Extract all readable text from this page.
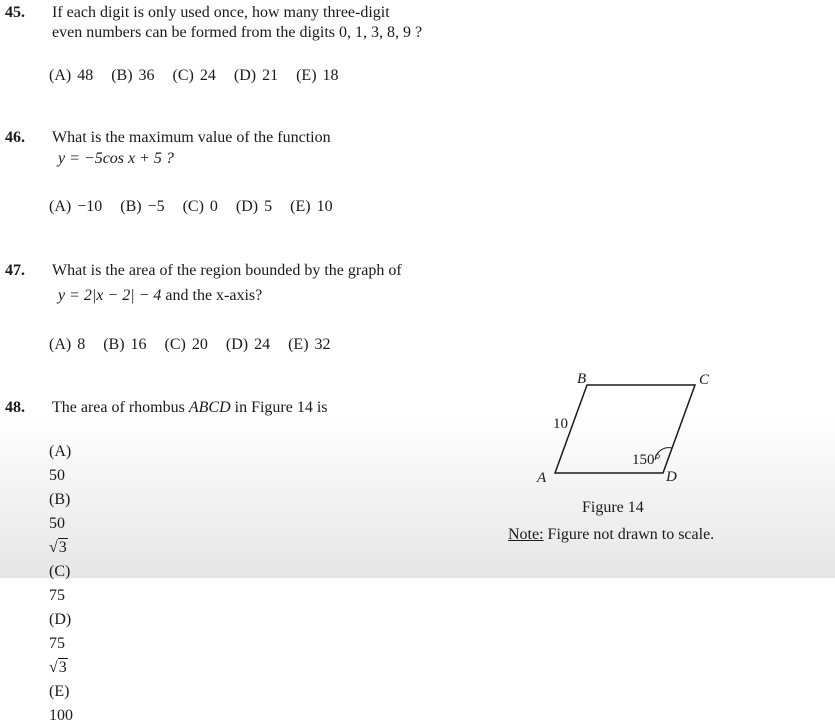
45. If each digit is only used once, how many three-digit
even numbers can be formed from the digits 0, 1, 3, 8, 9 ?
(A) 48 (B) 36 (C) 24 (D) 21 (E) 18
46. What is the maximum value of the function
y = −5cos x + 5 ?
(A) −10 (B) −5 (C) 0 (D) 5 (E) 10
47. What is the area of the region bounded by the graph of
y = 2|x − 2| − 4 and the x-axis?
(A) 8 (B) 16 (C) 20 (D) 24 (E) 32
48. The area of rhombus ABCD in Figure 14 is
(A) 50
(B) 50√3
(C) 75
(D) 75√3
(E) 100
B	C
A	D
10
150°
Figure 14
Note: Figure not drawn to scale.
